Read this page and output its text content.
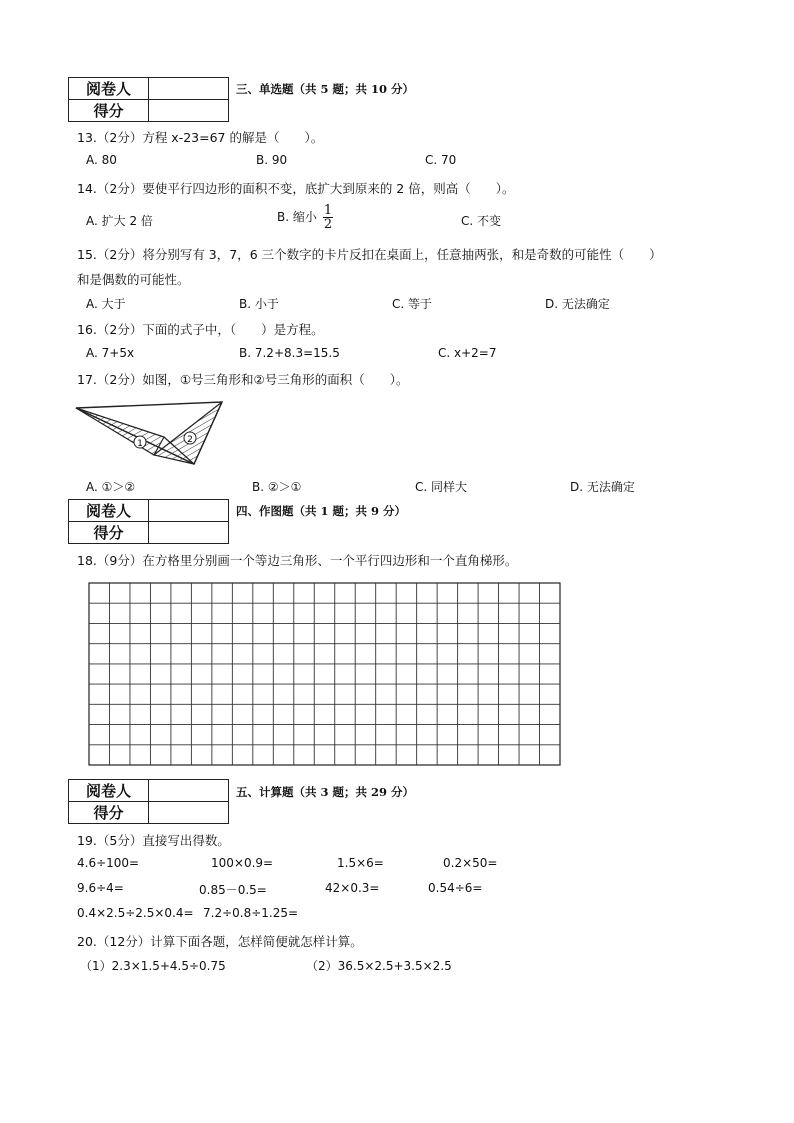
阅卷人	
得分	
三、单选题（共 5 题；共 10 分）
13.（2分）方程 x-23=67 的解是（　　）。
A. 80	B. 90	C. 70
14.（2分）要使平行四边形的面积不变，底扩大到原来的 2 倍，则高（　　）。
A. 扩大 2 倍	B. 缩小 $\frac{1}{2}$	C. 不变
15.（2分）将分别写有 3，7，6 三个数字的卡片反扣在桌面上，任意抽两张，和是奇数的可能性（　　）
和是偶数的可能性。
A. 大于	B. 小于	C. 等于	D. 无法确定
16.（2分）下面的式子中，（　　）是方程。
A. 7+5x	B. 7.2+8.3=15.5	C. x+2=7
17.（2分）如图，①号三角形和②号三角形的面积（　　）。
1	2
A. ①＞②	B. ②＞①	C. 同样大	D. 无法确定
阅卷人	
得分	
四、作图题（共 1 题；共 9 分）
18.（9分）在方格里分别画一个等边三角形、一个平行四边形和一个直角梯形。
阅卷人	
得分	
五、计算题（共 3 题；共 29 分）
19.（5分）直接写出得数。
4.6÷100=	100×0.9=	1.5×6=	0.2×50=
9.6÷4=	0.85－0.5=	42×0.3=	0.54÷6=
0.4×2.5÷2.5×0.4= 7.2÷0.8÷1.25=
20.（12分）计算下面各题，怎样简便就怎样计算。
（1）2.3×1.5+4.5÷0.75	（2）36.5×2.5+3.5×2.5
